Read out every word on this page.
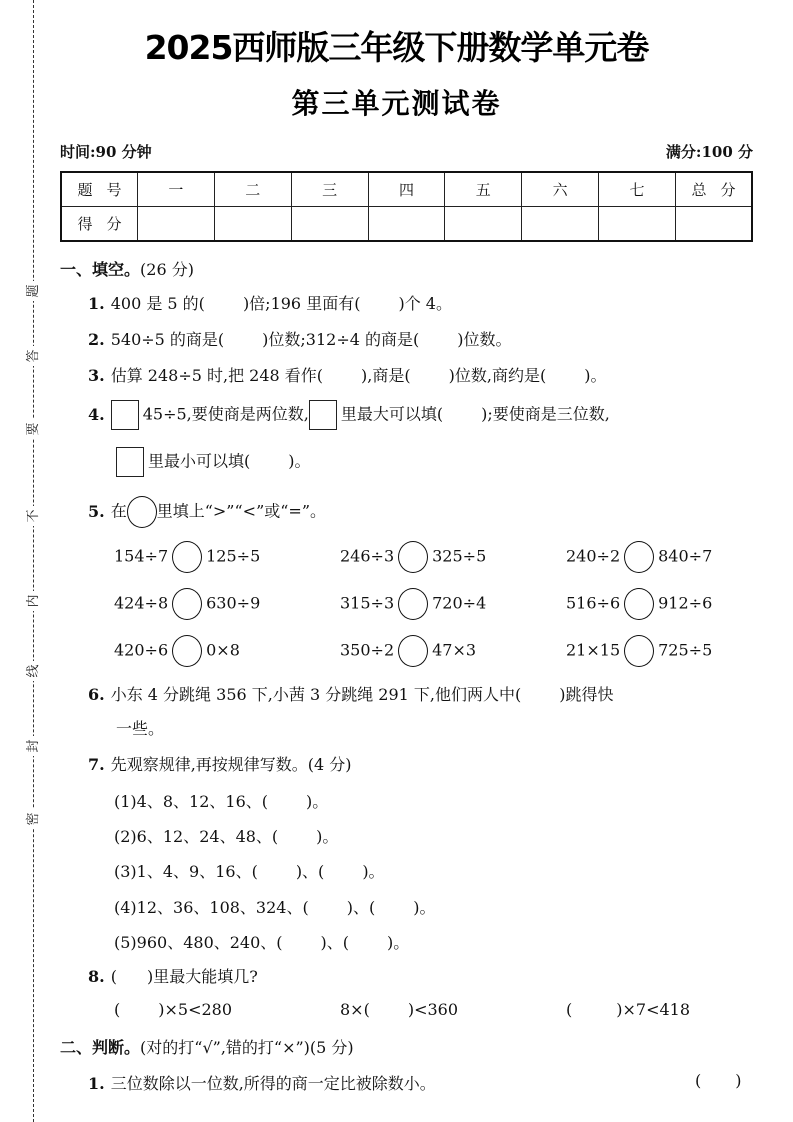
题
答
要
不
内
线
封
密
2025西师版三年级下册数学单元卷
第三单元测试卷
时间:90 分钟	满分:100 分
题号	一	二	三	四	五	六	七	总分
得分								
一、填空。(26 分)
1. 400 是 5 的( )倍;196 里面有( )个 4。
2. 540÷5 的商是( )位数;312÷4 的商是( )位数。
3. 估算 248÷5 时,把 248 看作( ),商是( )位数,商约是( )。
4. 45÷5,要使商是两位数, 里最大可以填( );要使商是三位数,
里最小可以填( )。
5. 在 里填上“>”“<”或“=”。
154÷7 125÷5	246÷3 325÷5	240÷2 840÷7
424÷8 630÷9	315÷3 720÷4	516÷6 912÷6
420÷6 0×8	350÷2 47×3	21×15 725÷5
6. 小东 4 分跳绳 356 下,小茜 3 分跳绳 291 下,他们两人中( )跳得快
一些。
7. 先观察规律,再按规律写数。(4 分)
(1)4、8、12、16、( )。
(2)6、12、24、48、( )。
(3)1、4、9、16、( )、( )。
(4)12、36、108、324、( )、( )。
(5)960、480、240、( )、( )。
8. ( )里最大能填几?
( )×5<280	8×( )<360	(	)×7<418
二、判断。(对的打“√”,错的打“×”)(5 分)
1. 三位数除以一位数,所得的商一定比被除数小。	( )
